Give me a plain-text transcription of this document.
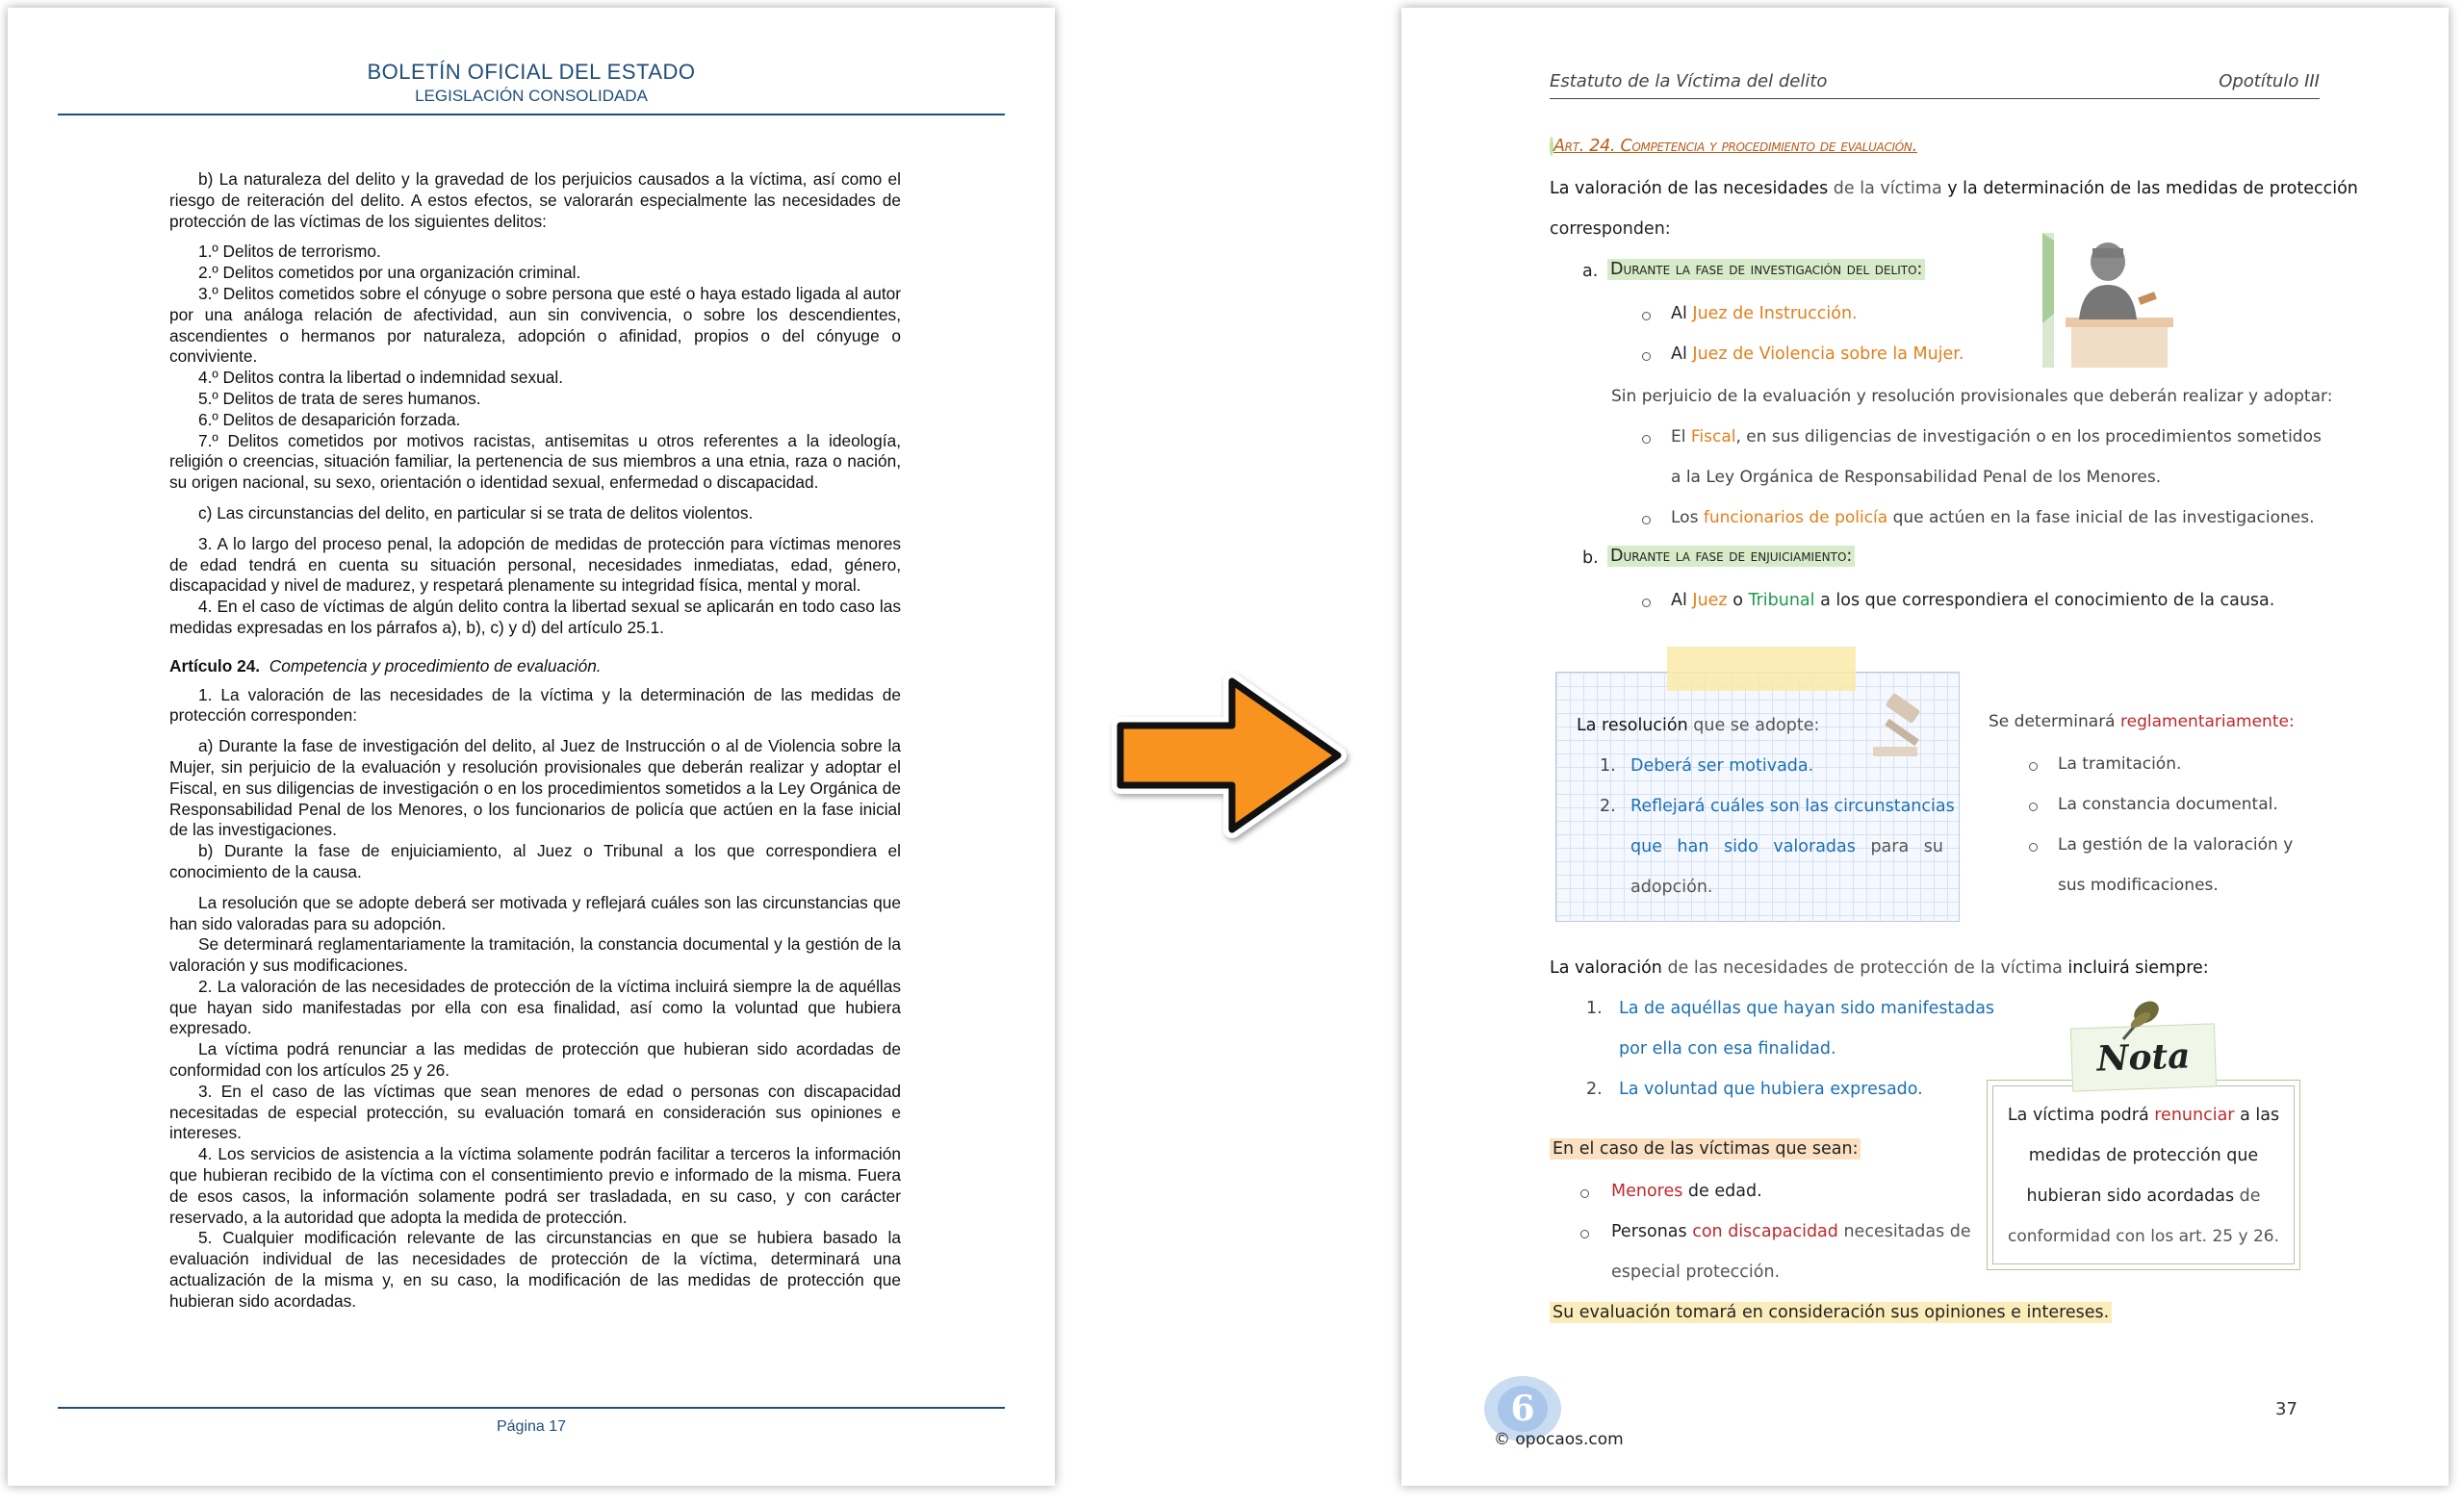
BOLETÍN OFICIAL DEL ESTADO
LEGISLACIÓN CONSOLIDADA

b) La naturaleza del delito y la gravedad de los perjuicios causados a la víctima, así como el riesgo de reiteración del delito. A estos efectos, se valorarán especialmente las necesidades de protección de las víctimas de los siguientes delitos:

1.º Delitos de terrorismo.

2.º Delitos cometidos por una organización criminal.

3.º Delitos cometidos sobre el cónyuge o sobre persona que esté o haya estado ligada al autor por una análoga relación de afectividad, aun sin convivencia, o sobre los descendientes, ascendientes o hermanos por naturaleza, adopción o afinidad, propios o del cónyuge o conviviente.

4.º Delitos contra la libertad o indemnidad sexual.

5.º Delitos de trata de seres humanos.

6.º Delitos de desaparición forzada.

7.º Delitos cometidos por motivos racistas, antisemitas u otros referentes a la ideología, religión o creencias, situación familiar, la pertenencia de sus miembros a una etnia, raza o nación, su origen nacional, su sexo, orientación o identidad sexual, enfermedad o discapacidad.

c) Las circunstancias del delito, en particular si se trata de delitos violentos.

3. A lo largo del proceso penal, la adopción de medidas de protección para víctimas menores de edad tendrá en cuenta su situación personal, necesidades inmediatas, edad, género, discapacidad y nivel de madurez, y respetará plenamente su integridad física, mental y moral.

4. En el caso de víctimas de algún delito contra la libertad sexual se aplicarán en todo caso las medidas expresadas en los párrafos a), b), c) y d) del artículo 25.1.

Artículo 24. Competencia y procedimiento de evaluación.

1. La valoración de las necesidades de la víctima y la determinación de las medidas de protección corresponden:

a) Durante la fase de investigación del delito, al Juez de Instrucción o al de Violencia sobre la Mujer, sin perjuicio de la evaluación y resolución provisionales que deberán realizar y adoptar el Fiscal, en sus diligencias de investigación o en los procedimientos sometidos a la Ley Orgánica de Responsabilidad Penal de los Menores, o los funcionarios de policía que actúen en la fase inicial de las investigaciones.

b) Durante la fase de enjuiciamiento, al Juez o Tribunal a los que correspondiera el conocimiento de la causa.

La resolución que se adopte deberá ser motivada y reflejará cuáles son las circunstancias que han sido valoradas para su adopción.

Se determinará reglamentariamente la tramitación, la constancia documental y la gestión de la valoración y sus modificaciones.

2. La valoración de las necesidades de protección de la víctima incluirá siempre la de aquéllas que hayan sido manifestadas por ella con esa finalidad, así como la voluntad que hubiera expresado.

La víctima podrá renunciar a las medidas de protección que hubieran sido acordadas de conformidad con los artículos 25 y 26.

3. En el caso de las víctimas que sean menores de edad o personas con discapacidad necesitadas de especial protección, su evaluación tomará en consideración sus opiniones e intereses.

4. Los servicios de asistencia a la víctima solamente podrán facilitar a terceros la información que hubieran recibido de la víctima con el consentimiento previo e informado de la misma. Fuera de esos casos, la información solamente podrá ser trasladada, en su caso, y con carácter reservado, a la autoridad que adopta la medida de protección.

5. Cualquier modificación relevante de las circunstancias en que se hubiera basado la evaluación individual de las necesidades de protección de la víctima, determinará una actualización de la misma y, en su caso, la modificación de las medidas de protección que hubieran sido acordadas.

Página 17
Estatuto de la Víctima del delito	Opotítulo III
Art. 24. Competencia y procedimiento de evaluación.
La valoración de las necesidades de la víctima y la determinación de las medidas de protección
corresponden:
a. Durante la fase de investigación del delito:
Al Juez de Instrucción.
Al Juez de Violencia sobre la Mujer.
Sin perjuicio de la evaluación y resolución provisionales que deberán realizar y adoptar:
El Fiscal, en sus diligencias de investigación o en los procedimientos sometidos
a la Ley Orgánica de Responsabilidad Penal de los Menores.
Los funcionarios de policía que actúen en la fase inicial de las investigaciones.
b. Durante la fase de enjuiciamiento:
Al Juez o Tribunal a los que correspondiera el conocimiento de la causa.
La resolución que se adopte:
1. Deberá ser motivada.
2. Reflejará cuáles son las circunstancias
que han sido valoradas para su
adopción.
Se determinará reglamentariamente:
La tramitación.
La constancia documental.
La gestión de la valoración y
sus modificaciones.
La valoración de las necesidades de protección de la víctima incluirá siempre:
1. La de aquéllas que hayan sido manifestadas
por ella con esa finalidad.
2. La voluntad que hubiera expresado.
Nota
La víctima podrá renunciar a las
medidas de protección que
hubieran sido acordadas de
conformidad con los art. 25 y 26.
En el caso de las víctimas que sean:
Menores de edad.
Personas con discapacidad necesitadas de
especial protección.
Su evaluación tomará en consideración sus opiniones e intereses.
6
© opocaos.com
37
